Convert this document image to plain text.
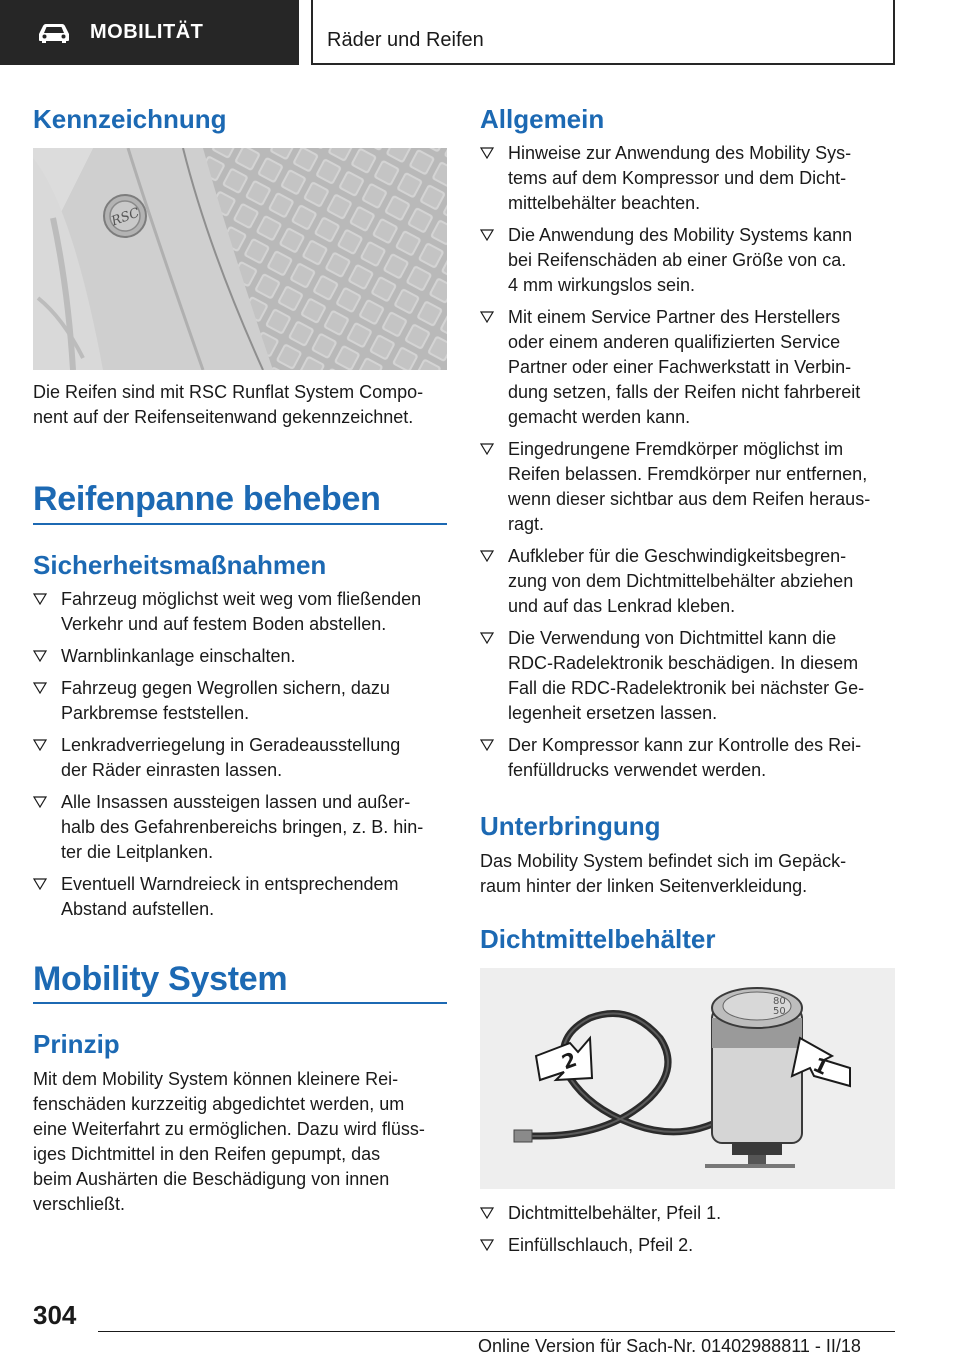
MOBILITÄT	Räder und Reifen
Kennzeichnung
RSC
Die Reifen sind mit RSC Runflat System Compo-
nent auf der Reifenseitenwand gekennzeichnet.
Reifenpanne beheben
Sicherheitsmaßnahmen
Fahrzeug möglichst weit weg vom fließenden
Verkehr und auf festem Boden abstellen.
Warnblinkanlage einschalten.
Fahrzeug gegen Wegrollen sichern, dazu
Parkbremse feststellen.
Lenkradverriegelung in Geradeausstellung
der Räder einrasten lassen.
Alle Insassen aussteigen lassen und außer-
halb des Gefahrenbereichs bringen, z. B. hin-
ter die Leitplanken.
Eventuell Warndreieck in entsprechendem
Abstand aufstellen.
Mobility System
Prinzip
Mit dem Mobility System können kleinere Rei-
fenschäden kurzzeitig abgedichtet werden, um
eine Weiterfahrt zu ermöglichen. Dazu wird flüss-
iges Dichtmittel in den Reifen gepumpt, das
beim Aushärten die Beschädigung von innen
verschließt.
Allgemein
Hinweise zur Anwendung des Mobility Sys-
tems auf dem Kompressor und dem Dicht-
mittelbehälter beachten.
Die Anwendung des Mobility Systems kann
bei Reifenschäden ab einer Größe von ca.
4 mm wirkungslos sein.
Mit einem Service Partner des Herstellers
oder einem anderen qualifizierten Service
Partner oder einer Fachwerkstatt in Verbin-
dung setzen, falls der Reifen nicht fahrbereit
gemacht werden kann.
Eingedrungene Fremdkörper möglichst im
Reifen belassen. Fremdkörper nur entfernen,
wenn dieser sichtbar aus dem Reifen heraus-
ragt.
Aufkleber für die Geschwindigkeitsbegren-
zung von dem Dichtmittelbehälter abziehen
und auf das Lenkrad kleben.
Die Verwendung von Dichtmittel kann die
RDC-Radelektronik beschädigen. In diesem
Fall die RDC-Radelektronik bei nächster Ge-
legenheit ersetzen lassen.
Der Kompressor kann zur Kontrolle des Rei-
fenfülldrucks verwendet werden.
Unterbringung
Das Mobility System befindet sich im Gepäck-
raum hinter der linken Seitenverkleidung.
Dichtmittelbehälter
80
50
2	1
Dichtmittelbehälter, Pfeil 1.
Einfüllschlauch, Pfeil 2.
304
Online Version für Sach-Nr. 01402988811 - II/18
